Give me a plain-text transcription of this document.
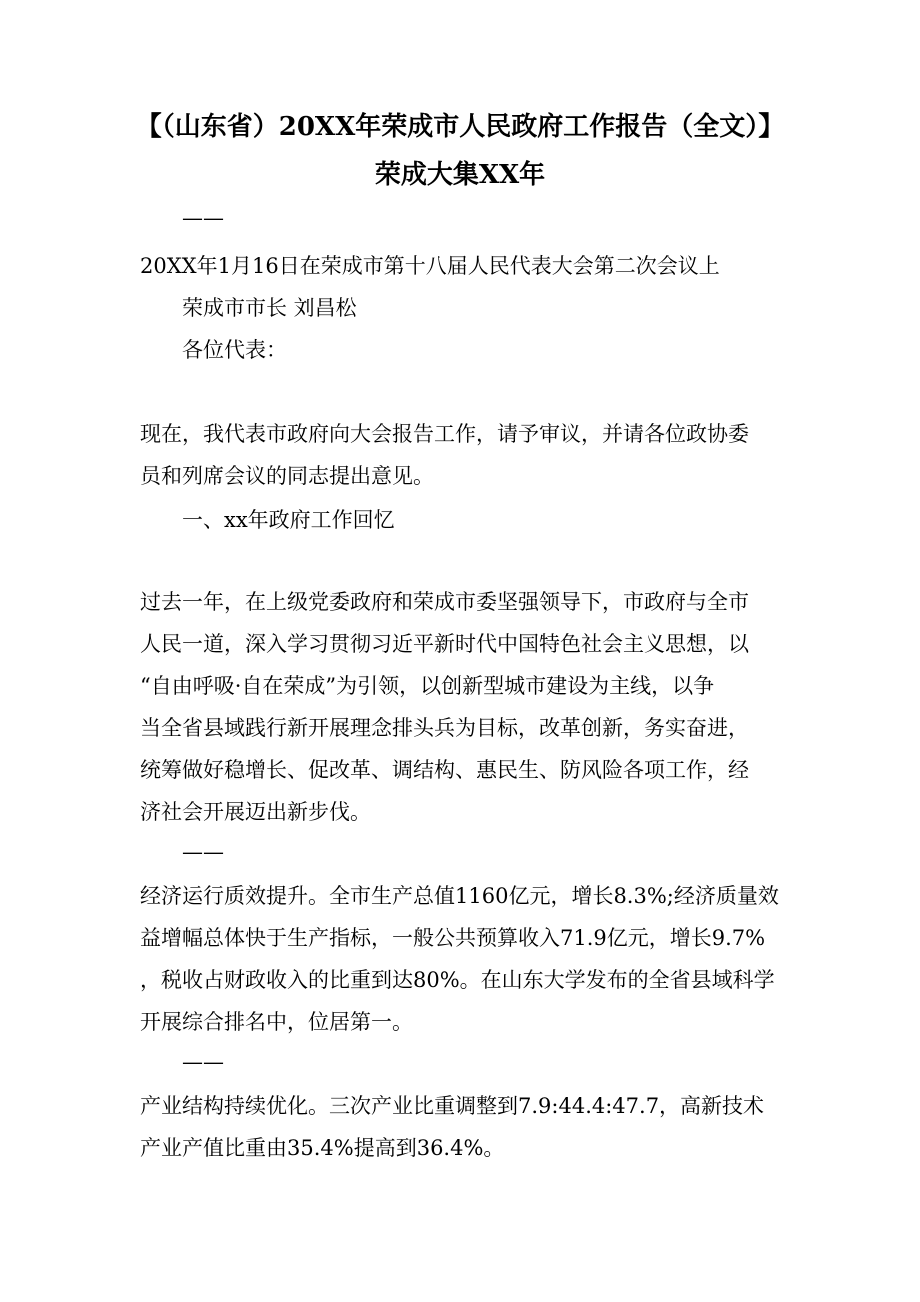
【（山东省）20XX年荣成市人民政府工作报告（全文）】
荣成大集XX年
——
20XX年1月16日在荣成市第十八届人民代表大会第二次会议上
荣成市市长 刘昌松
各位代表：
现在，我代表市政府向大会报告工作，请予审议，并请各位政协委
员和列席会议的同志提出意见。
一、xx年政府工作回忆
过去一年，在上级党委政府和荣成市委坚强领导下，市政府与全市
人民一道，深入学习贯彻习近平新时代中国特色社会主义思想，以
“自由呼吸·自在荣成”为引领，以创新型城市建设为主线，以争
当全省县域践行新开展理念排头兵为目标，改革创新，务实奋进，
统筹做好稳增长、促改革、调结构、惠民生、防风险各项工作，经
济社会开展迈出新步伐。
——
经济运行质效提升。全市生产总值1160亿元，增长8.3%;经济质量效
益增幅总体快于生产指标，一般公共预算收入71.9亿元，增长9.7%
，税收占财政收入的比重到达80%。在山东大学发布的全省县域科学
开展综合排名中，位居第一。
——
产业结构持续优化。三次产业比重调整到7.9:44.4:47.7，高新技术
产业产值比重由35.4%提高到36.4%。
